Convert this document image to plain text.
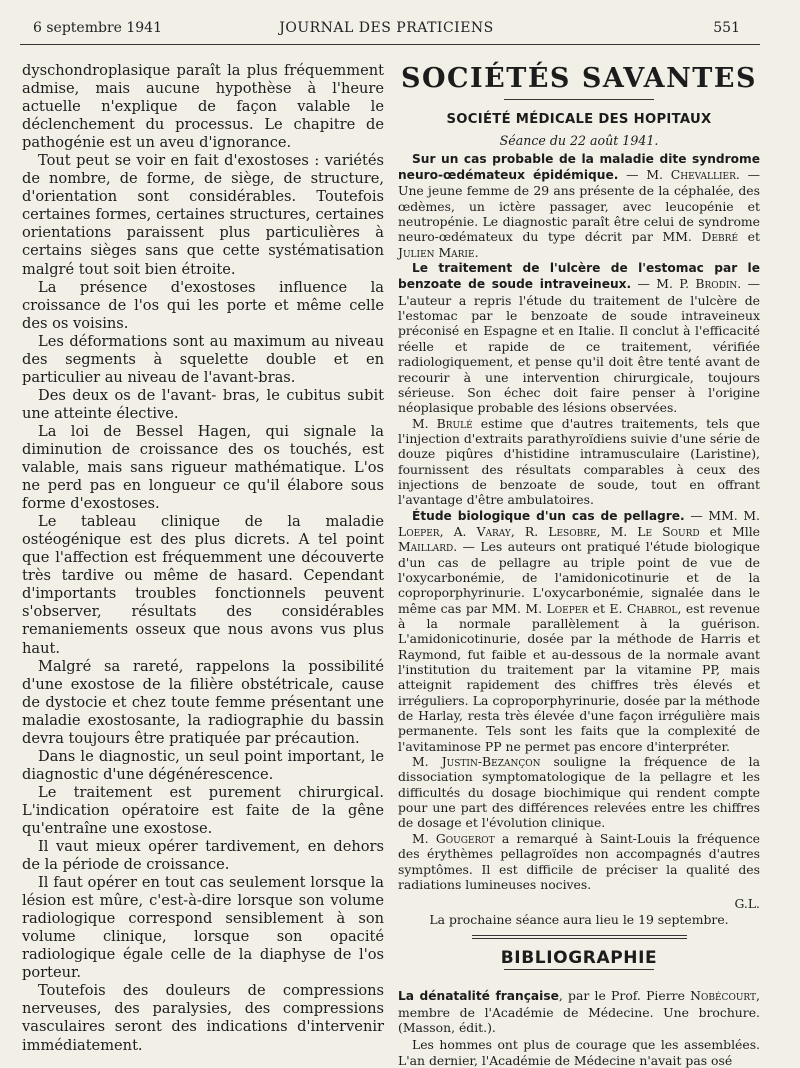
6 septembre 1941	JOURNAL DES PRATICIENS	551

dyschondroplasique paraît la plus fréquemment admise, mais aucune hypothèse à l'heure actuelle n'explique de façon valable le déclenchement du processus. Le chapitre de pathogénie est un aveu d'ignorance.

Tout peut se voir en fait d'exostoses : variétés de nombre, de forme, de siège, de structure, d'orientation sont considérables. Toutefois certaines formes, certaines structures, certaines orientations paraissent plus particulières à certains sièges sans que cette systématisation malgré tout soit bien étroite.

La présence d'exostoses influence la croissance de l'os qui les porte et même celle des os voisins.

Les déformations sont au maximum au niveau des segments à squelette double et en particulier au niveau de l'avant-bras.

Des deux os de l'avant- bras, le cubitus subit une atteinte élective.

La loi de Bessel Hagen, qui signale la diminution de croissance des os touchés, est valable, mais sans rigueur mathématique. L'os ne perd pas en longueur ce qu'il élabore sous forme d'exostoses.

Le tableau clinique de la maladie ostéogénique est des plus dicrets. A tel point que l'affection est fréquemment une découverte très tardive ou même de hasard. Cependant d'importants troubles fonctionnels peuvent s'observer, résultats des considérables remaniements osseux que nous avons vus plus haut.

Malgré sa rareté, rappelons la possibilité d'une exostose de la filière obstétricale, cause de dystocie et chez toute femme présentant une maladie exostosante, la radiographie du bassin devra toujours être pratiquée par précaution.

Dans le diagnostic, un seul point important, le diagnostic d'une dégénérescence.

Le traitement est purement chirurgical. L'indication opératoire est faite de la gêne qu'entraîne une exostose.

Il vaut mieux opérer tardivement, en dehors de la période de croissance.

Il faut opérer en tout cas seulement lorsque la lésion est mûre, c'est-à-dire lorsque son volume radiologique correspond sensiblement à son volume clinique, lorsque son opacité radiologique égale celle de la diaphyse de l'os porteur.

Toutefois des douleurs de compressions nerveuses, des paralysies, des compressions vasculaires seront des indications d'intervenir immédiatement.

SOCIÉTÉS SAVANTES
SOCIÉTÉ MÉDICALE DES HOPITAUX
Séance du 22 août 1941.

Sur un cas probable de la maladie dite syndrome neuro-œdémateux épidémique. — M. Chevallier. — Une jeune femme de 29 ans présente de la céphalée, des œdèmes, un ictère passager, avec leucopénie et neutropénie. Le diagnostic paraît être celui de syndrome neuro-œdémateux du type décrit par MM. Debré et Julien Marie.

Le traitement de l'ulcère de l'estomac par le benzoate de soude intraveineux. — M. P. Brodin. — L'auteur a repris l'étude du traitement de l'ulcère de l'estomac par le benzoate de soude intraveineux préconisé en Espagne et en Italie. Il conclut à l'efficacité réelle et rapide de ce traitement, vérifiée radiologiquement, et pense qu'il doit être tenté avant de recourir à une intervention chirurgicale, toujours sérieuse. Son échec doit faire penser à l'origine néoplasique probable des lésions observées.

M. Brulé estime que d'autres traitements, tels que l'injection d'extraits parathyroïdiens suivie d'une série de douze piqûres d'histidine intramusculaire (Laristine), fournissent des résultats comparables à ceux des injections de benzoate de soude, tout en offrant l'avantage d'être ambulatoires.

Étude biologique d'un cas de pellagre. — MM. M. Loeper, A. Varay, R. Lesobre, M. Le Sourd et Mlle Maillard. — Les auteurs ont pratiqué l'étude biologique d'un cas de pellagre au triple point de vue de l'oxycarbonémie, de l'amidonicotinurie et de la coproporphyrinurie. L'oxycarbonémie, signalée dans le même cas par MM. M. Loeper et E. Chabrol, est revenue à la normale parallèlement à la guérison. L'amidonicotinurie, dosée par la méthode de Harris et Raymond, fut faible et au-dessous de la normale avant l'institution du traitement par la vitamine PP, mais atteignit rapidement des chiffres très élevés et irréguliers. La coproporphyrinurie, dosée par la méthode de Harlay, resta très élevée d'une façon irrégulière mais permanente. Tels sont les faits que la complexité de l'avitaminose PP ne permet pas encore d'interpréter.

M. Justin-Bezançon souligne la fréquence de la dissociation symptomatologique de la pellagre et les difficultés du dosage biochimique qui rendent compte pour une part des différences relevées entre les chiffres de dosage et l'évolution clinique.

M. Gougerot a remarqué à Saint-Louis la fréquence des érythèmes pellagroïdes non accompagnés d'autres symptômes. Il est difficile de préciser la qualité des radiations lumineuses nocives.

G.L.

La prochaine séance aura lieu le 19 septembre.

BIBLIOGRAPHIE

La dénatalité française, par le Prof. Pierre Nobécourt, membre de l'Académie de Médecine. Une brochure. (Masson, édit.).

Les hommes ont plus de courage que les assemblées. L'an dernier, l'Académie de Médecine n'avait pas osé
